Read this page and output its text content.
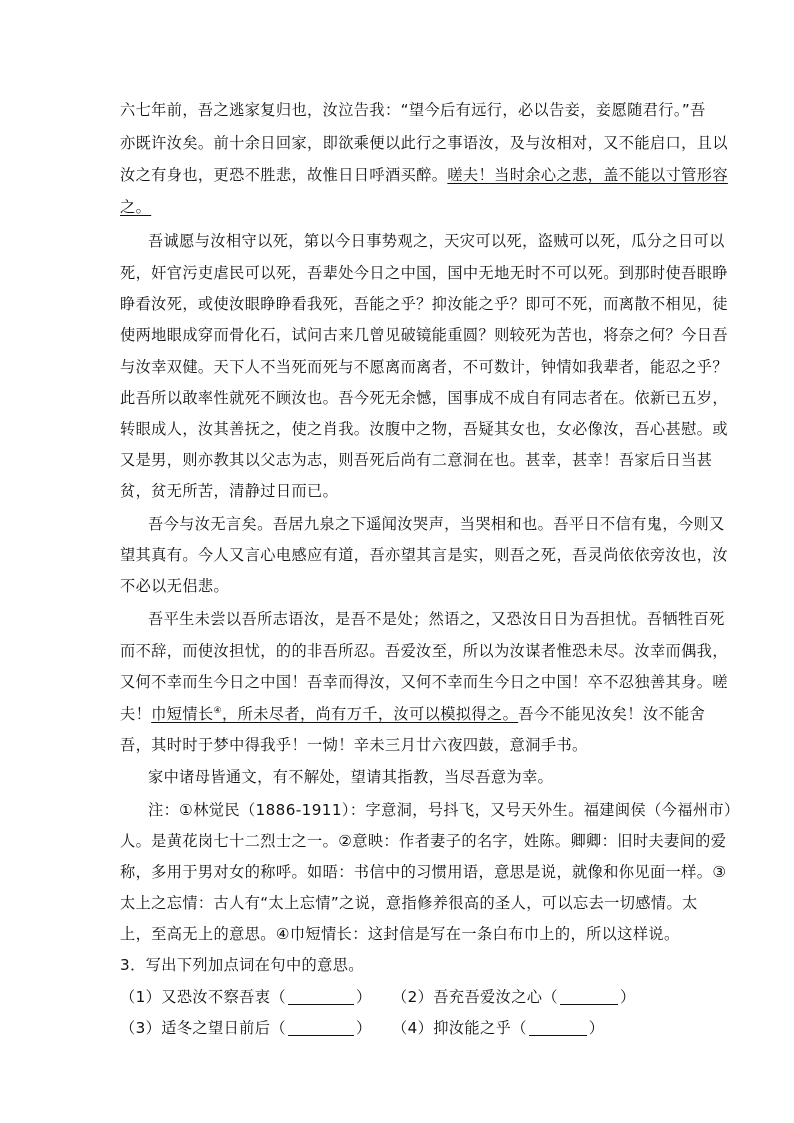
六七年前，吾之逃家复归也，汝泣告我：“望今后有远行，必以告妾，妾愿随君行。”吾
亦既许汝矣。前十余日回家，即欲乘便以此行之事语汝，及与汝相对，又不能启口，且以
汝之有身也，更恐不胜悲，故惟日日呼酒买醉。嗟夫！当时余心之悲，盖不能以寸管形容
之。
吾诚愿与汝相守以死，第以今日事势观之，天灾可以死，盗贼可以死，瓜分之日可以
死，奸官污吏虐民可以死，吾辈处今日之中国，国中无地无时不可以死。到那时使吾眼睁
睁看汝死，或使汝眼睁睁看我死，吾能之乎？抑汝能之乎？即可不死，而离散不相见，徒
使两地眼成穿而骨化石，试问古来几曾见破镜能重圆？则较死为苦也，将奈之何？今日吾
与汝幸双健。天下人不当死而死与不愿离而离者，不可数计，钟情如我辈者，能忍之乎？
此吾所以敢率性就死不顾汝也。吾今死无余憾，国事成不成自有同志者在。依新已五岁，
转眼成人，汝其善抚之，使之肖我。汝腹中之物，吾疑其女也，女必像汝，吾心甚慰。或
又是男，则亦教其以父志为志，则吾死后尚有二意洞在也。甚幸，甚幸！吾家后日当甚
贫，贫无所苦，清静过日而已。
吾今与汝无言矣。吾居九泉之下遥闻汝哭声，当哭相和也。吾平日不信有鬼，今则又
望其真有。今人又言心电感应有道，吾亦望其言是实，则吾之死，吾灵尚依依旁汝也，汝
不必以无侣悲。
吾平生未尝以吾所志语汝，是吾不是处；然语之，又恐汝日日为吾担忧。吾牺牲百死
而不辞，而使汝担忧，的的非吾所忍。吾爱汝至，所以为汝谋者惟恐未尽。汝幸而偶我，
又何不幸而生今日之中国！吾幸而得汝，又何不幸而生今日之中国！卒不忍独善其身。嗟
夫！巾短情长④，所未尽者，尚有万千，汝可以模拟得之。吾今不能见汝矣！汝不能舍
吾，其时时于梦中得我乎！一恸！辛未三月廿六夜四鼓，意洞手书。
家中诸母皆通文，有不解处，望请其指教，当尽吾意为幸。
注：①林觉民（1886-1911）：字意洞，号抖飞，又号天外生。福建闽侯（今福州市）
人。是黄花岗七十二烈士之一。②意映：作者妻子的名字，姓陈。卿卿：旧时夫妻间的爱
称，多用于男对女的称呼。如晤：书信中的习惯用语，意思是说，就像和你见面一样。③
太上之忘情：古人有“太上忘情”之说，意指修养很高的圣人，可以忘去一切感情。太
上，至高无上的意思。④巾短情长：这封信是写在一条白布巾上的，所以这样说。
3．写出下列加点词在句中的意思。
（1）又恐汝不察吾衷（	） （2）吾充吾爱汝之心（	）
（3）适冬之望日前后（	） （4）抑汝能之乎（	）
